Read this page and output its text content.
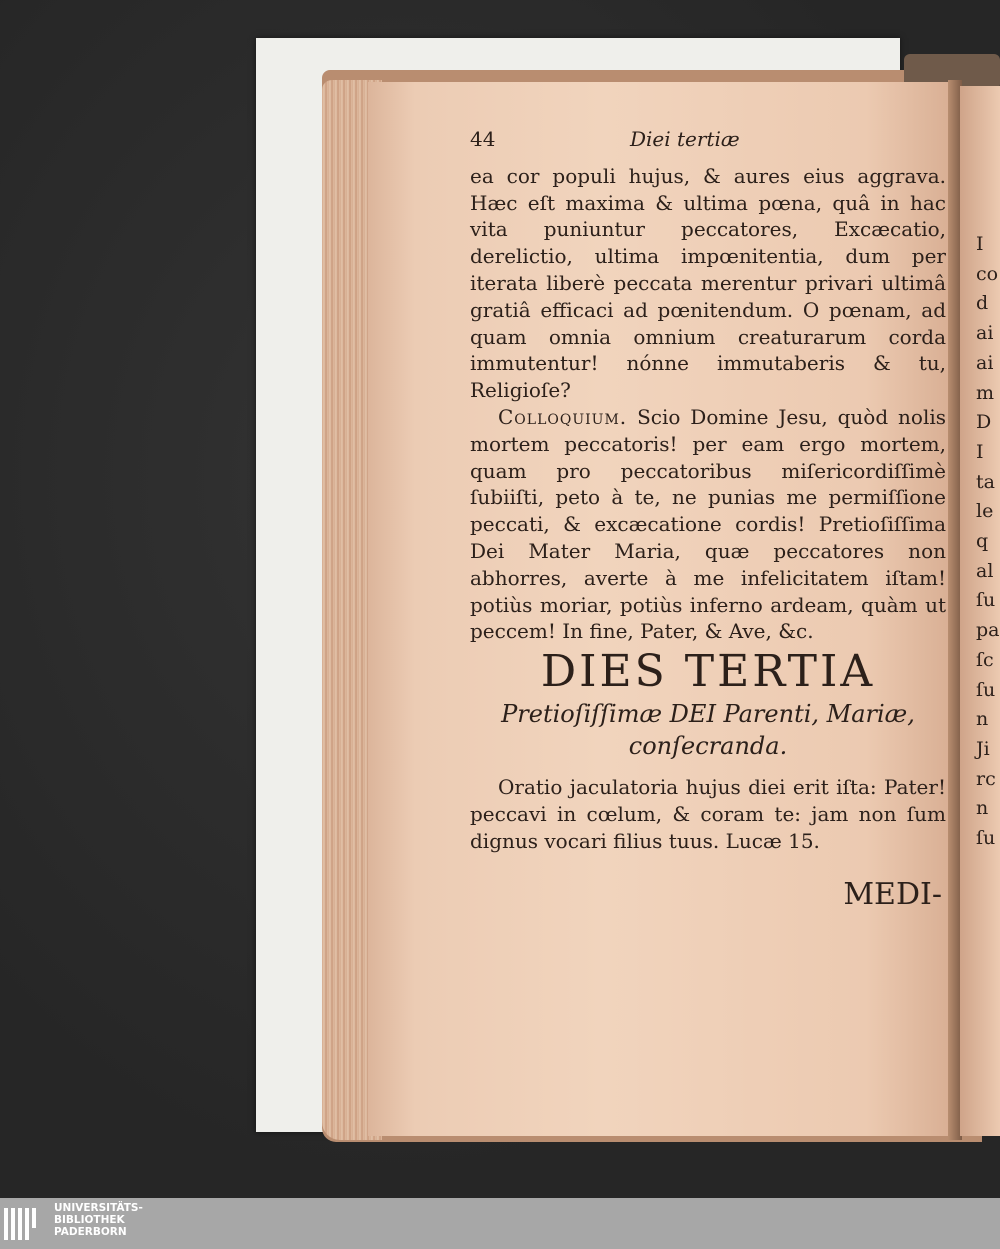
44	Diei tertiæ

ea cor populi hujus, & aures eius aggrava. Hæc eſt maxima & ultima pœna, quâ in hac vita puniuntur peccatores, Excæcatio, derelictio, ultima impœnitentia, dum per iterata liberè peccata merentur privari ultimâ gratiâ efficaci ad pœnitendum. O pœnam, ad quam omnia omnium creaturarum corda immutentur! nónne immutaberis & tu, Religioſe?

Colloquium. Scio Domine Jesu, quòd nolis mortem peccatoris! per eam ergo mortem, quam pro peccatoribus miſericordiſſimè ſubiiſti, peto à te, ne punias me permiſſione peccati, & excæcatione cordis! Pretioſiſſima Dei Mater Maria, quæ peccatores non abhorres, averte à me infelicitatem iſtam! potiùs moriar, potiùs inferno ardeam, quàm ut peccem! In fine, Pater, & Ave, &c.

DIES TERTIA
Pretioſiſſimæ DEI Parenti, Mariæ, conſecranda.

Oratio jaculatoria hujus diei erit iſta: Pater! peccavi in cœlum, & coram te: jam non ſum dignus vocari filius tuus. Lucæ 15.

MEDI-
I
co
d
ai
ai
m
D
I
ta
le
q
al
ſu
pa
ſc
ſu
n
Ji
rc
n
ſu
UNIVERSITÄTS-
BIBLIOTHEK
PADERBORN
